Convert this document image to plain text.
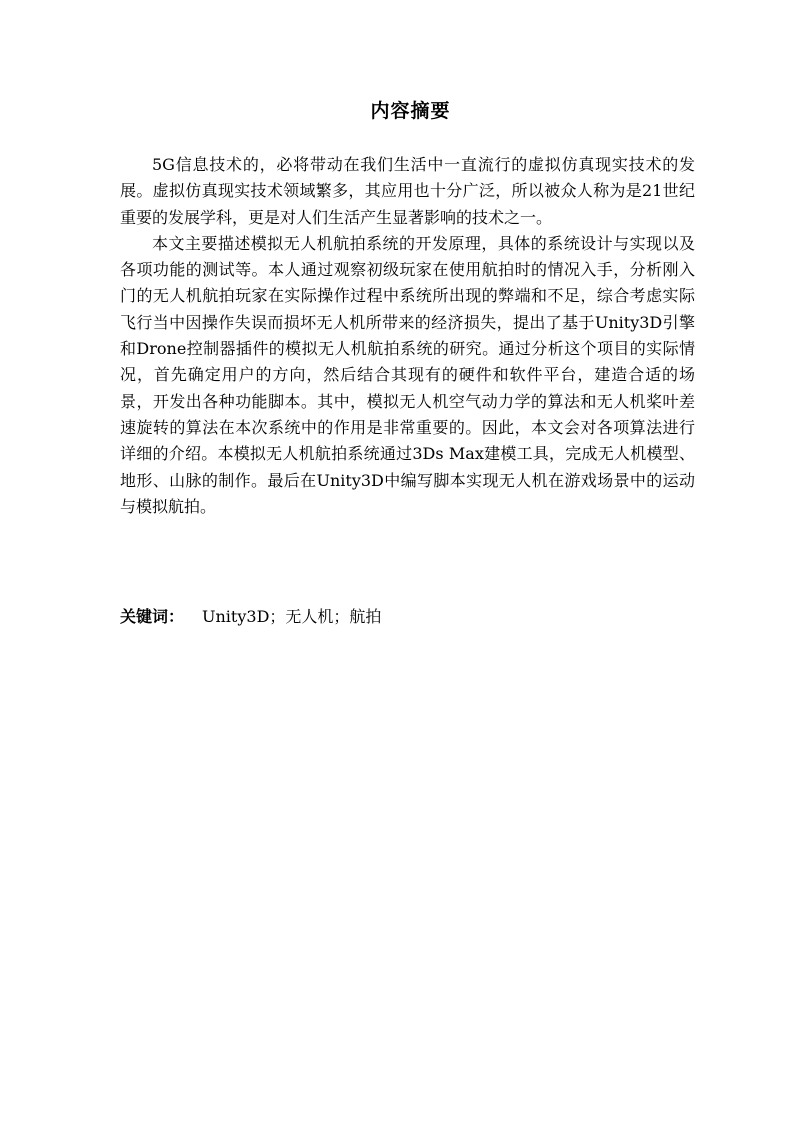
内容摘要

5G信息技术的，必将带动在我们生活中一直流行的虚拟仿真现实技术的发展。虚拟仿真现实技术领域繁多，其应用也十分广泛，所以被众人称为是21世纪重要的发展学科，更是对人们生活产生显著影响的技术之一。

本文主要描述模拟无人机航拍系统的开发原理，具体的系统设计与实现以及各项功能的测试等。本人通过观察初级玩家在使用航拍时的情况入手，分析刚入门的无人机航拍玩家在实际操作过程中系统所出现的弊端和不足，综合考虑实际飞行当中因操作失误而损坏无人机所带来的经济损失，提出了基于Unity3D引擎和Drone控制器插件的模拟无人机航拍系统的研究。通过分析这个项目的实际情况，首先确定用户的方向，然后结合其现有的硬件和软件平台，建造合适的场景，开发出各种功能脚本。其中，模拟无人机空气动力学的算法和无人机桨叶差速旋转的算法在本次系统中的作用是非常重要的。因此，本文会对各项算法进行详细的介绍。本模拟无人机航拍系统通过3Ds Max建模工具，完成无人机模型、地形、山脉的制作。最后在Unity3D中编写脚本实现无人机在游戏场景中的运动与模拟航拍。

关键词： Unity3D；无人机；航拍
